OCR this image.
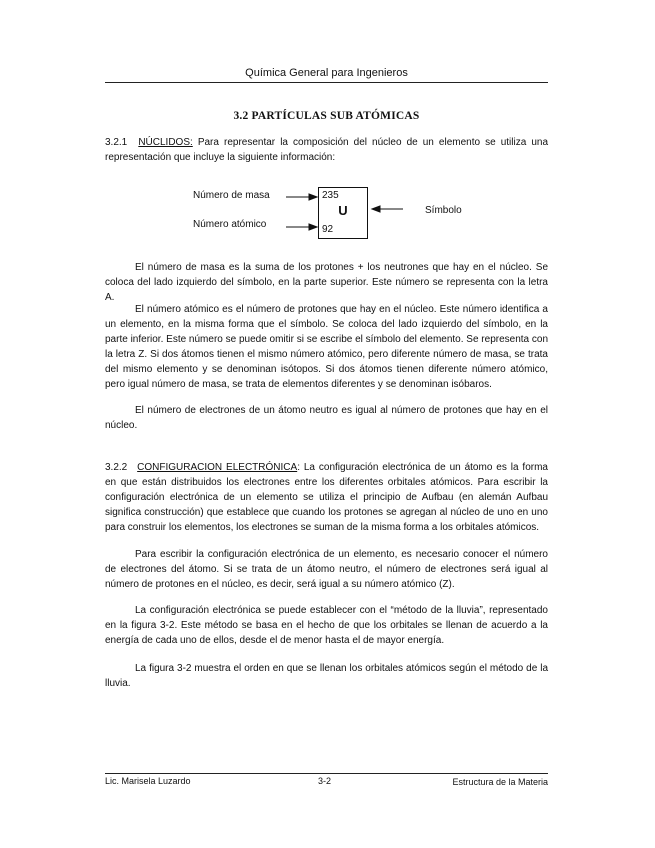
Química General para Ingenieros
3.2 PARTÍCULAS SUB ATÓMICAS

3.2.1 NÚCLIDOS: Para representar la composición del núcleo de un elemento se utiliza una representación que incluye la siguiente información:

Número de masa
Número atómico
Símbolo
235
U
92

El número de masa es la suma de los protones + los neutrones que hay en el núcleo. Se coloca del lado izquierdo del símbolo, en la parte superior. Este número se representa con la letra A.

El número atómico es el número de protones que hay en el núcleo. Este número identifica a un elemento, en la misma forma que el símbolo. Se coloca del lado izquierdo del símbolo, en la parte inferior. Este número se puede omitir si se escribe el símbolo del elemento. Se representa con la letra Z. Si dos átomos tienen el mismo número atómico, pero diferente número de masa, se trata del mismo elemento y se denominan isótopos. Si dos átomos tienen diferente número atómico, pero igual número de masa, se trata de elementos diferentes y se denominan isóbaros.

El número de electrones de un átomo neutro es igual al número de protones que hay en el núcleo.

3.2.2 CONFIGURACION ELECTRÓNICA: La configuración electrónica de un átomo es la forma en que están distribuidos los electrones entre los diferentes orbitales atómicos. Para escribir la configuración electrónica de un elemento se utiliza el principio de Aufbau (en alemán Aufbau significa construcción) que establece que cuando los protones se agregan al núcleo de uno en uno para construir los elementos, los electrones se suman de la misma forma a los orbitales atómicos.

Para escribir la configuración electrónica de un elemento, es necesario conocer el número de electrones del átomo. Si se trata de un átomo neutro, el número de electrones será igual al número de protones en el núcleo, es decir, será igual a su número atómico (Z).

La configuración electrónica se puede establecer con el “método de la lluvia”, representado en la figura 3-2. Este método se basa en el hecho de que los orbitales se llenan de acuerdo a la energía de cada uno de ellos, desde el de menor hasta el de mayor energía.

La figura 3-2 muestra el orden en que se llenan los orbitales atómicos según el método de la lluvia.

Lic. Marisela Luzardo	3-2	Estructura de la Materia
